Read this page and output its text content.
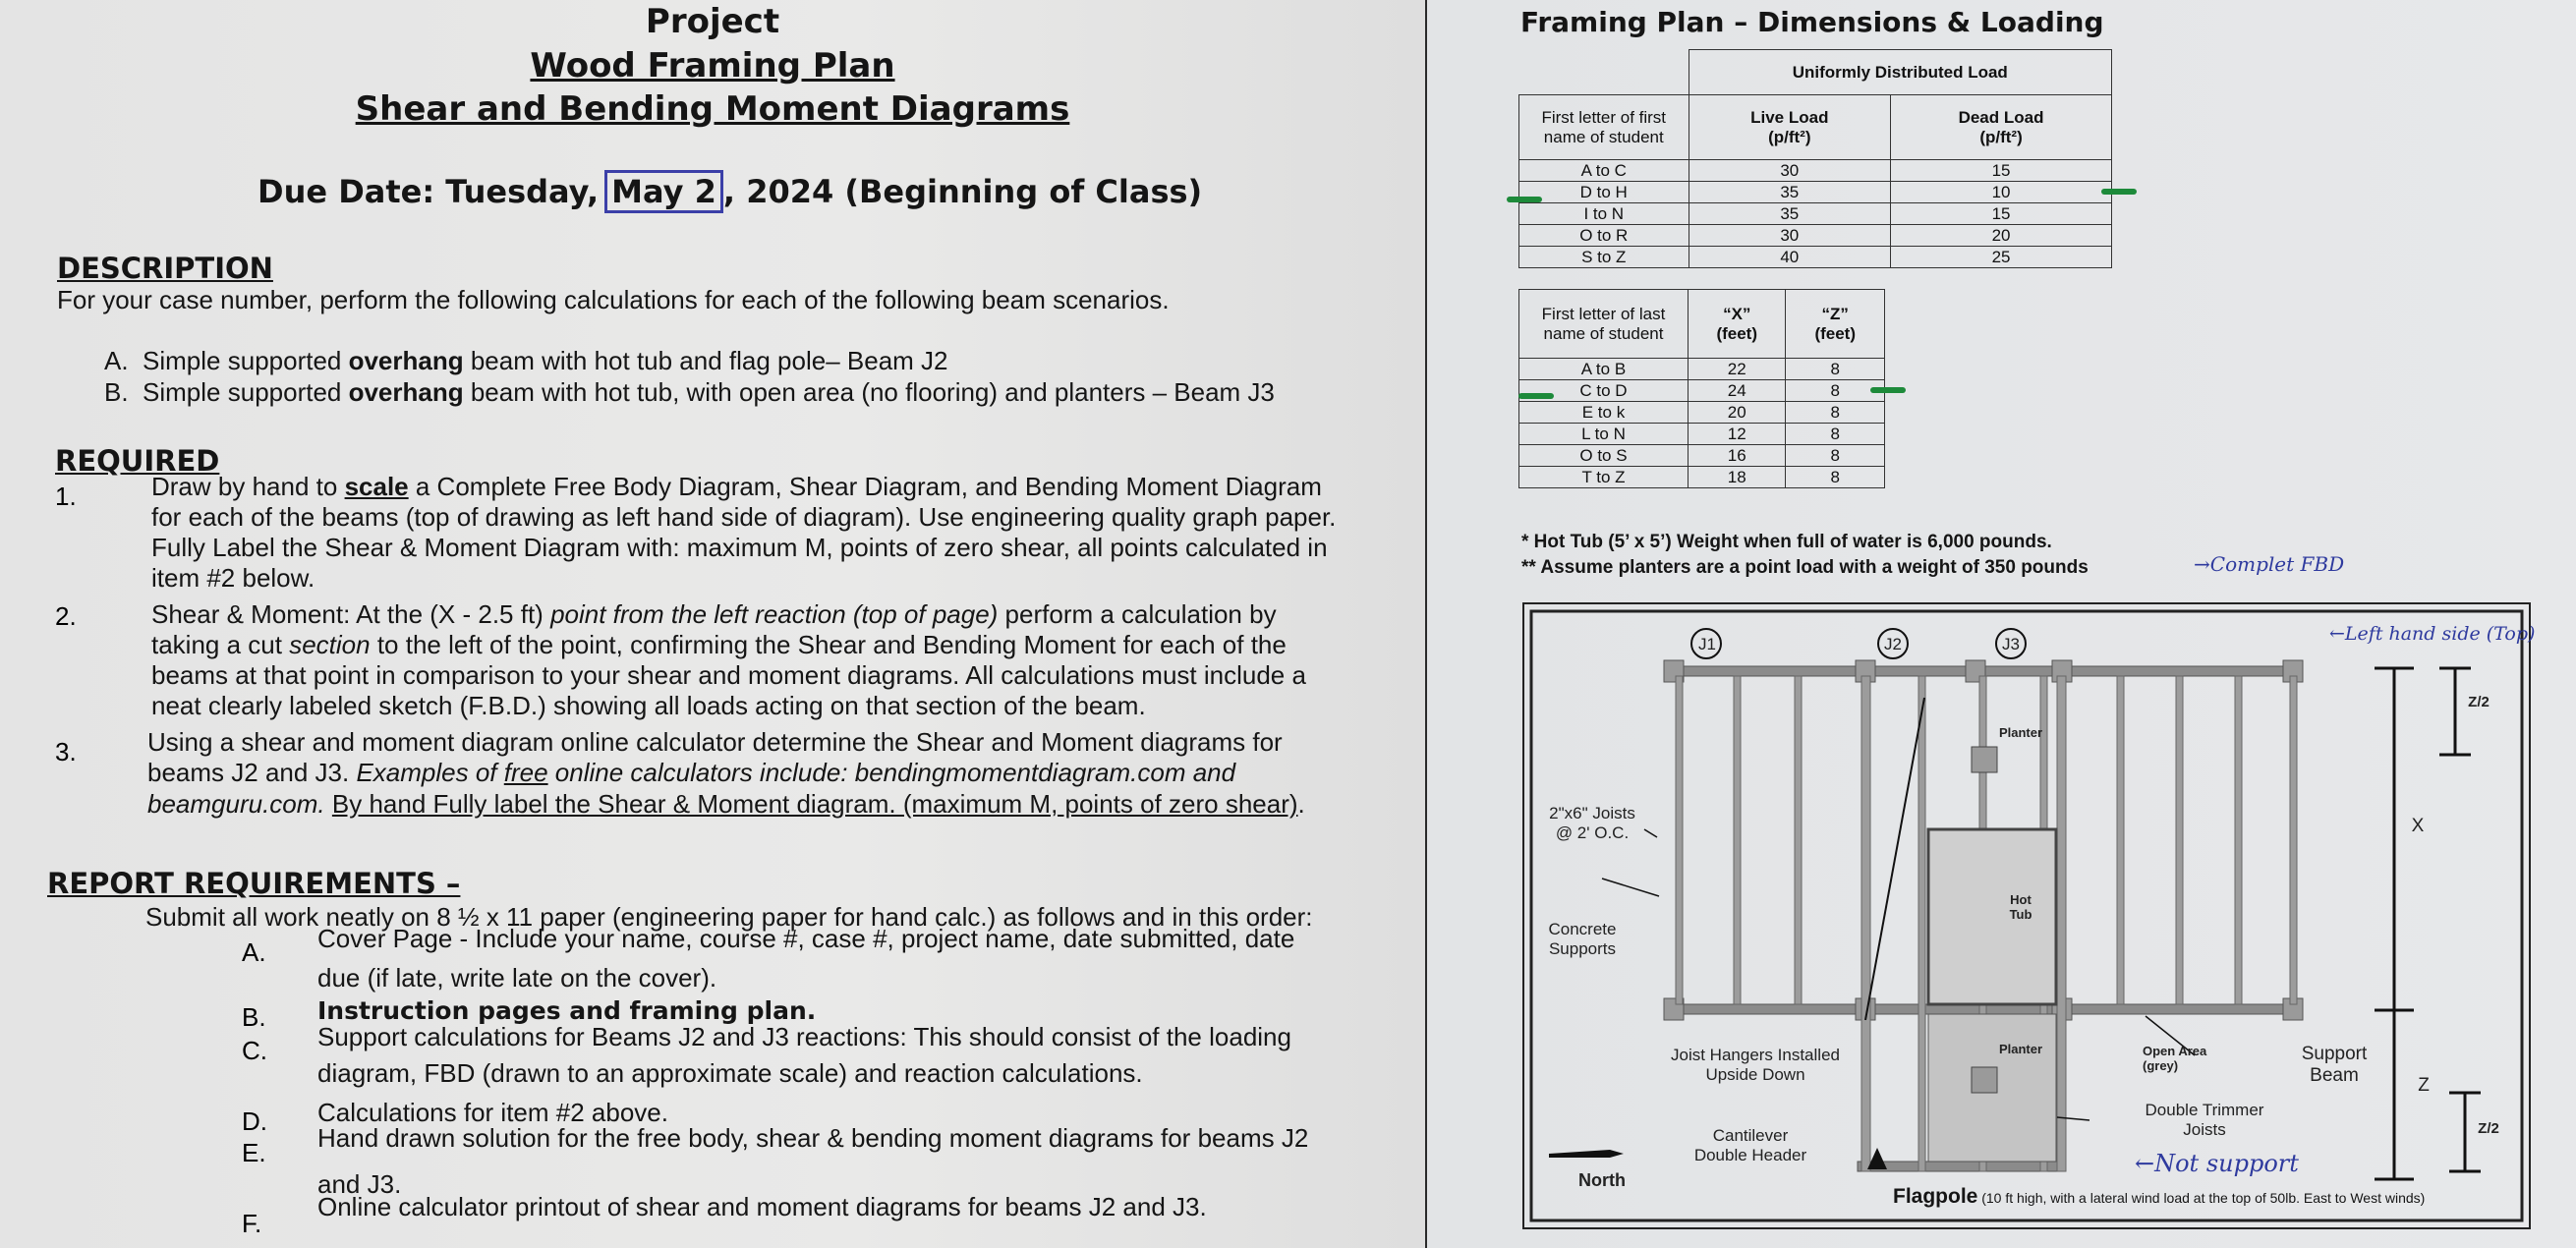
Project
Wood Framing Plan
Shear and Bending Moment Diagrams
Due Date: Tuesday, May 2 , 2024 (Beginning of Class)
DESCRIPTION
For your case number, perform the following calculations for each of the following beam scenarios.
A. Simple supported overhang beam with hot tub and flag pole– Beam J2
B. Simple supported overhang beam with hot tub, with open area (no flooring) and planters – Beam J3
REQUIRED
1.	Draw by hand to scale a Complete Free Body Diagram, Shear Diagram, and Bending Moment Diagram
for each of the beams (top of drawing as left hand side of diagram). Use engineering quality graph paper.
Fully Label the Shear & Moment Diagram with: maximum M, points of zero shear, all points calculated in
item #2 below.
2.	Shear & Moment: At the (X - 2.5 ft) point from the left reaction (top of page) perform a calculation by
taking a cut section to the left of the point, confirming the Shear and Bending Moment for each of the
beams at that point in comparison to your shear and moment diagrams. All calculations must include a
neat clearly labeled sketch (F.B.D.) showing all loads acting on that section of the beam.
3.	Using a shear and moment diagram online calculator determine the Shear and Moment diagrams for
beams J2 and J3. Examples of free online calculators include: bendingmomentdiagram.com and
beamguru.com. By hand Fully label the Shear & Moment diagram. (maximum M, points of zero shear).
REPORT REQUIREMENTS –
Submit all work neatly on 8 ½ x 11 paper (engineering paper for hand calc.) as follows and in this order:
A. Cover Page - Include your name, course #, case #, project name, date submitted, date
due (if late, write late on the cover).
B. Instruction pages and framing plan.
C. Support calculations for Beams J2 and J3 reactions: This should consist of the loading
diagram, FBD (drawn to an approximate scale) and reaction calculations.
D. Calculations for item #2 above.
E. Hand drawn solution for the free body, shear & bending moment diagrams for beams J2
and J3.
F.
Online calculator printout of shear and moment diagrams for beams J2 and J3.
Framing Plan – Dimensions & Loading
	Uniformly Distributed Load	
First letter of first
name of student	Live Load
(p/ft²)	Dead Load
(p/ft²)
A to C	30	15
D to H	35	10
I to N	35	15
O to R	30	20
S to Z	40	25
First letter of last
name of student	“X”
(feet)	“Z”
(feet)
A to B	22	8
C to D	24	8
E to k	20	8
L to N	12	8
O to S	16	8
T to Z	18	8
* Hot Tub (5’ x 5’) Weight when full of water is 6,000 pounds.
** Assume planters are a point load with a weight of 350 pounds	→Complet FBD
J1	J2	J3
2"x6" Joists
@ 2' O.C.
Concrete
Supports
Joist Hangers Installed
Upside Down
Cantilever
Double Header
North
Planter
Planter
Hot
Tub
Open Area
(grey)
Double Trimmer
Joists
Support
Beam
X
Z
Z/2
Z/2
Flagpole (10 ft high, with a lateral wind load at the top of 50lb. East to West winds)
←Left hand side (Top)
←Not support
